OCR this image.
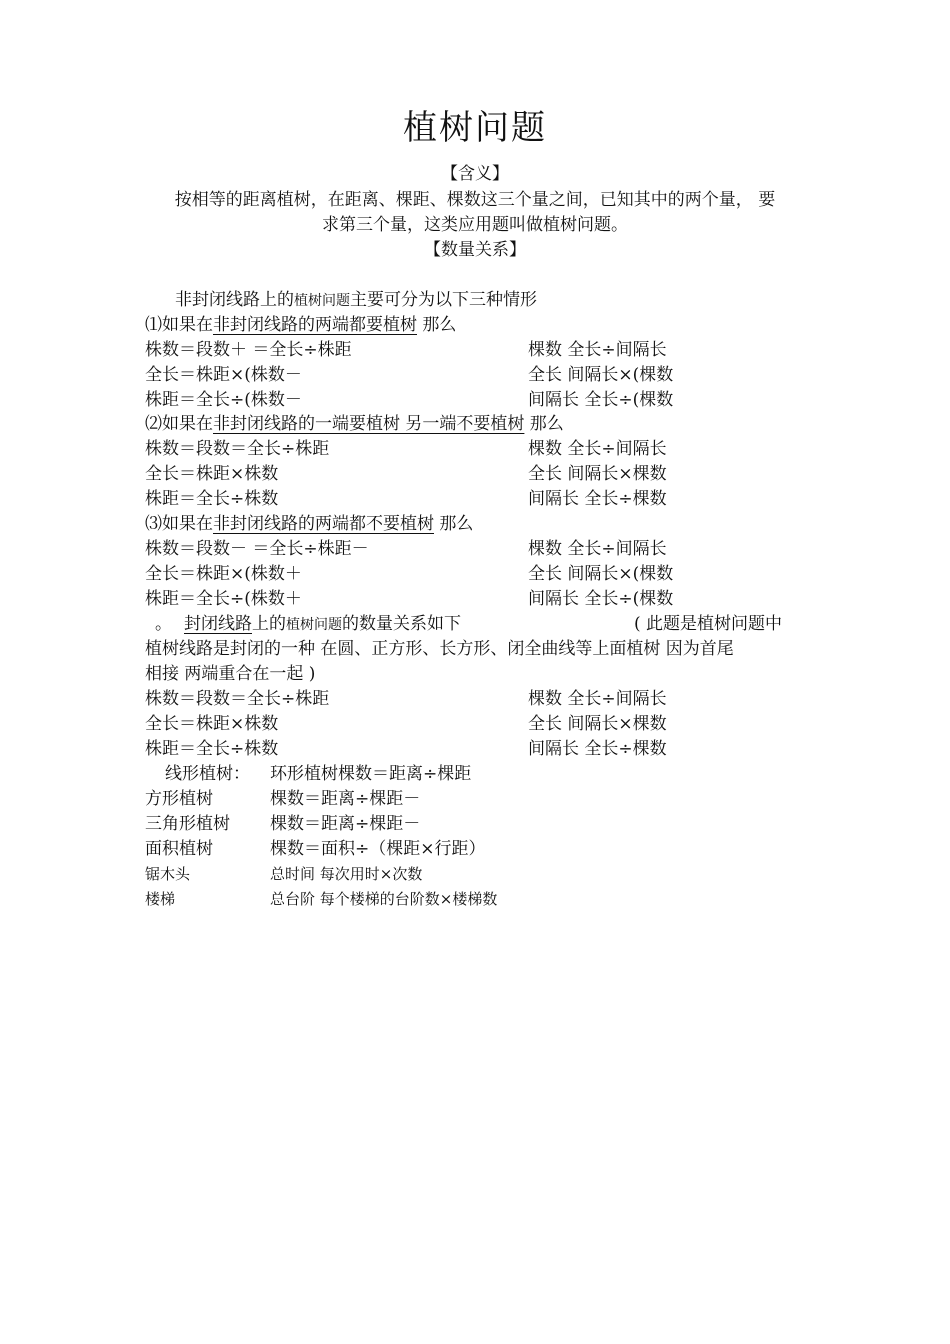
植树问题
【含义】
按相等的距离植树，在距离、棵距、棵数这三个量之间，已知其中的两个量， 要
求第三个量，这类应用题叫做植树问题。
【数量关系】
非封闭线路上的植树问题主要可分为以下三种情形
⑴如果在非封闭线路的两端都要植树 那么
株数＝段数＋ ＝全长÷株距	棵数 全长÷间隔长
全长＝株距×(株数－	全长 间隔长×(棵数
株距＝全长÷(株数－	间隔长 全长÷(棵数
⑵如果在非封闭线路的一端要植树 另一端不要植树 那么
株数＝段数＝全长÷株距	棵数 全长÷间隔长
全长＝株距×株数	全长 间隔长×棵数
株距＝全长÷株数	间隔长 全长÷棵数
⑶如果在非封闭线路的两端都不要植树 那么
株数＝段数－ ＝全长÷株距－	棵数 全长÷间隔长
全长＝株距×(株数＋	全长 间隔长×(棵数
株距＝全长÷(株数＋	间隔长 全长÷(棵数
。 封闭线路上的植树问题的数量关系如下	( 此题是植树问题中
植树线路是封闭的一种 在圆、正方形、长方形、闭全曲线等上面植树 因为首尾
相接 两端重合在一起 )
株数＝段数＝全长÷株距	棵数 全长÷间隔长
全长＝株距×株数	全长 间隔长×棵数
株距＝全长÷株数	间隔长 全长÷棵数
线形植树： 环形植树棵数＝距离÷棵距
方形植树	棵数＝距离÷棵距－
三角形植树 棵数＝距离÷棵距－
面积植树	棵数＝面积÷（棵距×行距）
锯木头	总时间 每次用时×次数
楼梯	总台阶 每个楼梯的台阶数×楼梯数
